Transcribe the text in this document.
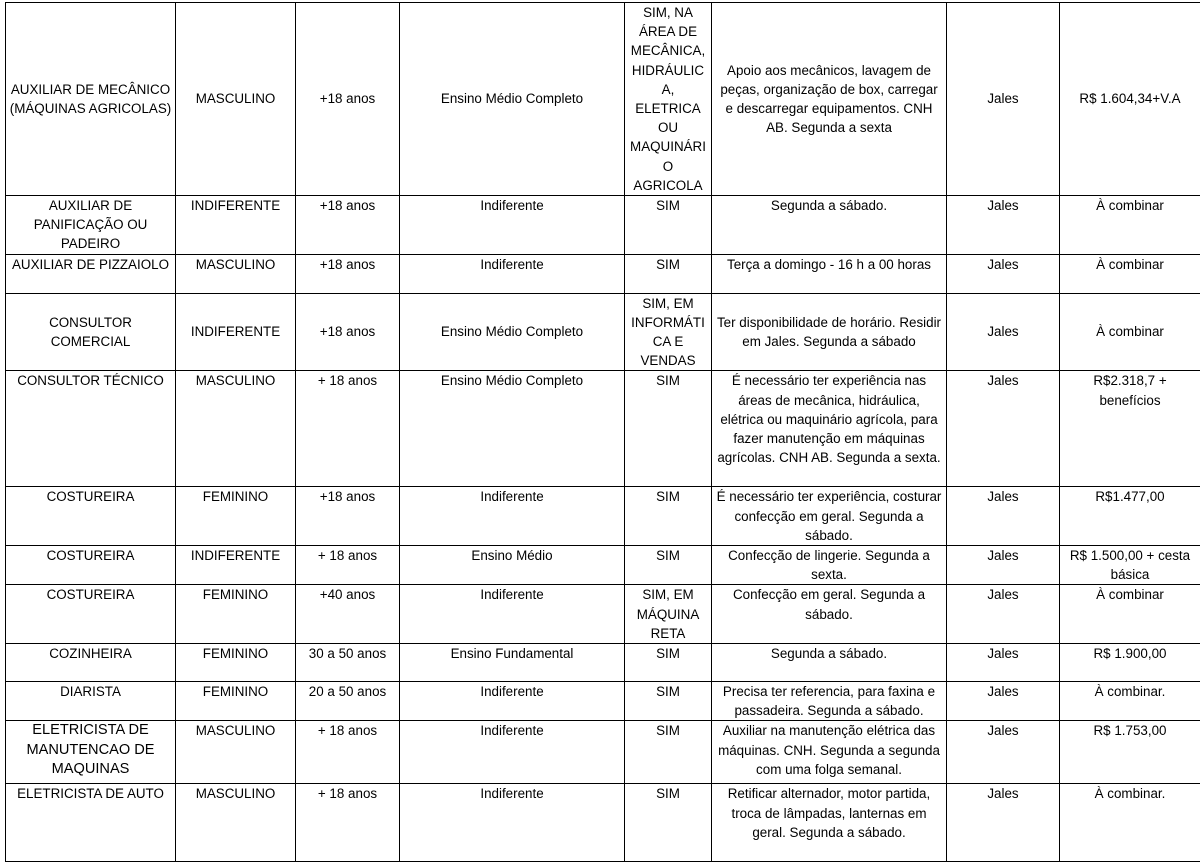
AUXILIAR DE MECÂNICO (MÁQUINAS AGRICOLAS)	MASCULINO	+18 anos	Ensino Médio Completo	SIM, NA ÁREA DE MECÂNICA, HIDRÁULICA, ELETRICA OU MAQUINÁRIO AGRICOLA	Apoio aos mecânicos, lavagem de peças, organização de box, carregar e descarregar equipamentos. CNH AB. Segunda a sexta	Jales	R$ 1.604,34+V.A
AUXILIAR DE PANIFICAÇÃO OU PADEIRO	INDIFERENTE	+18 anos	Indiferente	SIM	Segunda a sábado.	Jales	À combinar
AUXILIAR DE PIZZAIOLO	MASCULINO	+18 anos	Indiferente	SIM	Terça a domingo - 16 h a 00 horas	Jales	À combinar
CONSULTOR COMERCIAL	INDIFERENTE	+18 anos	Ensino Médio Completo	SIM, EM INFORMÁTICA E VENDAS	Ter disponibilidade de horário. Residir em Jales. Segunda a sábado	Jales	À combinar
CONSULTOR TÉCNICO	MASCULINO	+ 18 anos	Ensino Médio Completo	SIM	É necessário ter experiência nas áreas de mecânica, hidráulica, elétrica ou maquinário agrícola, para fazer manutenção em máquinas agrícolas. CNH AB. Segunda a sexta.	Jales	R$2.318,7 + benefícios
COSTUREIRA	FEMININO	+18 anos	Indiferente	SIM	É necessário ter experiência, costurar confecção em geral. Segunda a sábado.	Jales	R$1.477,00
COSTUREIRA	INDIFERENTE	+ 18 anos	Ensino Médio	SIM	Confecção de lingerie. Segunda a sexta.	Jales	R$ 1.500,00 + cesta básica
COSTUREIRA	FEMININO	+40 anos	Indiferente	SIM, EM MÁQUINA RETA	Confecção em geral. Segunda a sábado.	Jales	À combinar
COZINHEIRA	FEMININO	30 a 50 anos	Ensino Fundamental	SIM	Segunda a sábado.	Jales	R$ 1.900,00
DIARISTA	FEMININO	20 a 50 anos	Indiferente	SIM	Precisa ter referencia, para faxina e passadeira. Segunda a sábado.	Jales	À combinar.
ELETRICISTA DE MANUTENCAO DE MAQUINAS	MASCULINO	+ 18 anos	Indiferente	SIM	Auxiliar na manutenção elétrica das máquinas. CNH. Segunda a segunda com uma folga semanal.	Jales	R$ 1.753,00
ELETRICISTA DE AUTO	MASCULINO	+ 18 anos	Indiferente	SIM	Retificar alternador, motor partida, troca de lâmpadas, lanternas em geral. Segunda a sábado.	Jales	À combinar.
